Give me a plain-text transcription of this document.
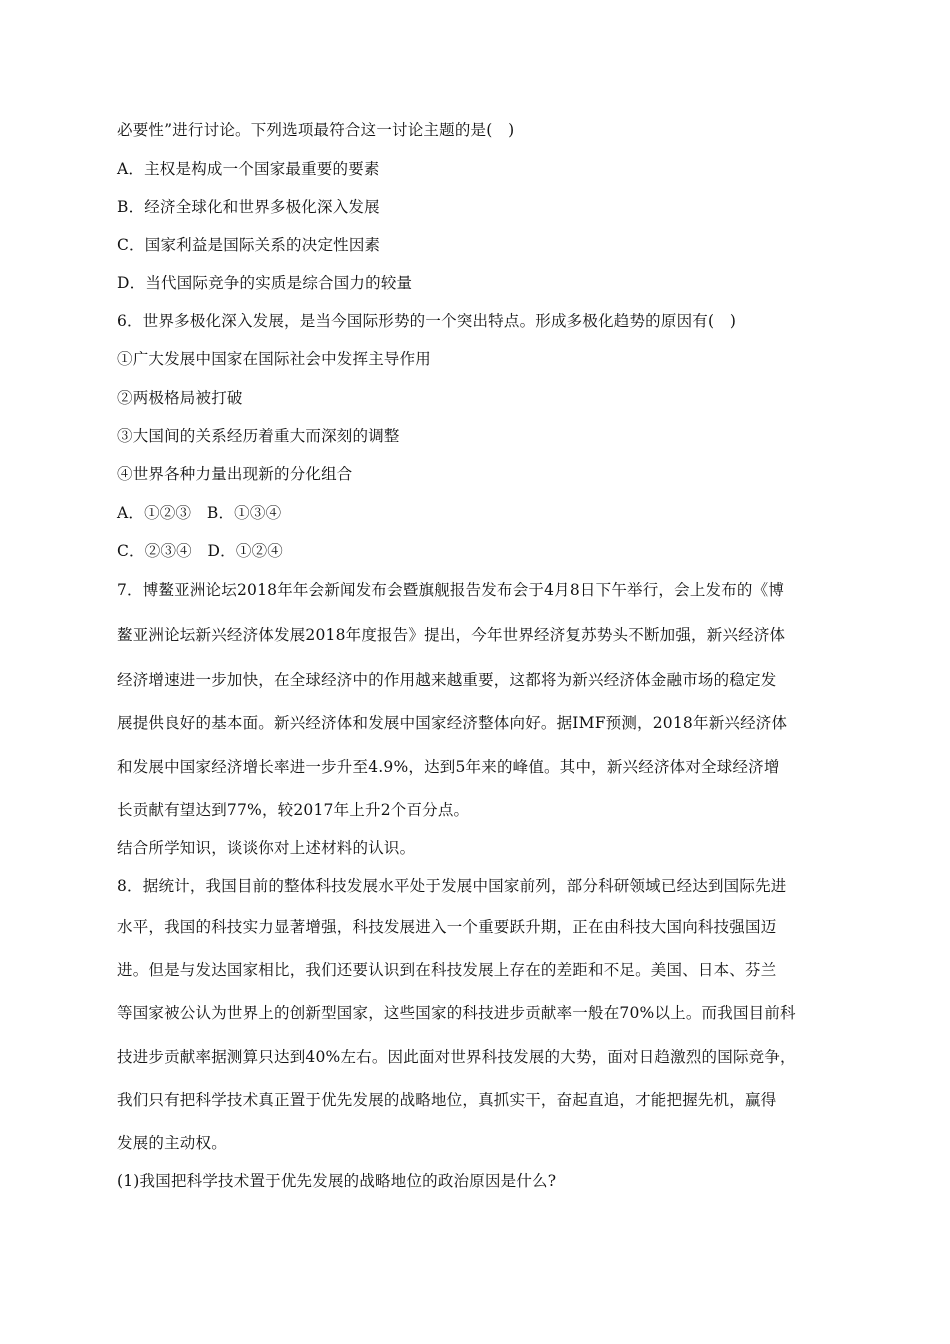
必要性”进行讨论。下列选项最符合这一讨论主题的是(　)
A．主权是构成一个国家最重要的要素
B．经济全球化和世界多极化深入发展
C．国家利益是国际关系的决定性因素
D．当代国际竞争的实质是综合国力的较量
6．世界多极化深入发展，是当今国际形势的一个突出特点。形成多极化趋势的原因有(　)
①广大发展中国家在国际社会中发挥主导作用
②两极格局被打破
③大国间的关系经历着重大而深刻的调整
④世界各种力量出现新的分化组合
A．①②③　B．①③④
C．②③④　D．①②④
7．博鳌亚洲论坛2018年年会新闻发布会暨旗舰报告发布会于4月8日下午举行，会上发布的《博
鳌亚洲论坛新兴经济体发展2018年度报告》提出，今年世界经济复苏势头不断加强，新兴经济体
经济增速进一步加快，在全球经济中的作用越来越重要，这都将为新兴经济体金融市场的稳定发
展提供良好的基本面。新兴经济体和发展中国家经济整体向好。据IMF预测，2018年新兴经济体
和发展中国家经济增长率进一步升至4.9%，达到5年来的峰值。其中，新兴经济体对全球经济增
长贡献有望达到77%，较2017年上升2个百分点。
结合所学知识，谈谈你对上述材料的认识。
8．据统计，我国目前的整体科技发展水平处于发展中国家前列，部分科研领域已经达到国际先进
水平，我国的科技实力显著增强，科技发展进入一个重要跃升期，正在由科技大国向科技强国迈
进。但是与发达国家相比，我们还要认识到在科技发展上存在的差距和不足。美国、日本、芬兰
等国家被公认为世界上的创新型国家，这些国家的科技进步贡献率一般在70%以上。而我国目前科
技进步贡献率据测算只达到40%左右。因此面对世界科技发展的大势，面对日趋激烈的国际竞争，
我们只有把科学技术真正置于优先发展的战略地位，真抓实干，奋起直追，才能把握先机，赢得
发展的主动权。
(1)我国把科学技术置于优先发展的战略地位的政治原因是什么?
